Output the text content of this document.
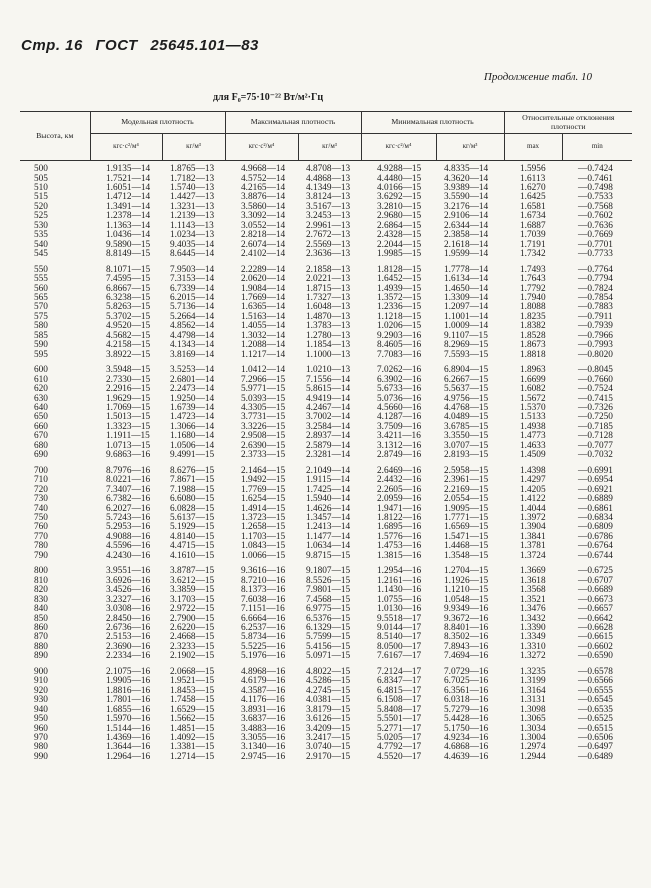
Стр. 16 ГОСТ 25645.101—83
Продолжение табл. 10
для F₀=75·10⁻²² Вт/м²·Гц
Высота, км	Модельная плотность		Максимальная плотность		Минимальная плотность		Относительные отклонения плотности	
	кгс·с²/м⁴	кг/м³	кгс·с²/м⁴	кг/м³	кгс·с²/м⁴	кг/м³	max	min
500	1.9135—14	1.8765—13	4.9668—14	4.8708—13	4.9288—15	4.8335—14	1.5956	—0.7424
505	1.7521—14	1.7182—13	4.5752—14	4.4868—13	4.4480—15	4.3620—14	1.6113	—0.7461
510	1.6051—14	1.5740—13	4.2165—14	4.1349—13	4.0166—15	3.9389—14	1.6270	—0.7498
515	1.4712—14	1.4427—13	3.8876—14	3.8124—13	3.6292—15	3.5590—14	1.6425	—0.7533
520	1.3491—14	1.3231—13	3.5860—14	3.5167—13	3.2810—15	3.2176—14	1.6581	—0.7568
525	1.2378—14	1.2139—13	3.3092—14	3.2453—13	2.9680—15	2.9106—14	1.6734	—0.7602
530	1.1363—14	1.1143—13	3.0552—14	2.9961—13	2.6864—15	2.6344—14	1.6887	—0.7636
535	1.0436—14	1.0234—13	2.8218—14	2.7672—13	2.4328—15	2.3858—14	1.7039	—0.7669
540	9.5890—15	9.4035—14	2.6074—14	2.5569—13	2.2044—15	2.1618—14	1.7191	—0.7701
545	8.8149—15	8.6445—14	2.4102—14	2.3636—13	1.9985—15	1.9599—14	1.7342	—0.7733

550	8.1071—15	7.9503—14	2.2289—14	2.1858—13	1.8128—15	1.7778—14	1.7493	—0.7764
555	7.4595—15	7.3153—14	2.0620—14	2.0221—13	1.6452—15	1.6134—14	1.7643	—0.7794
560	6.8667—15	6.7339—14	1.9084—14	1.8715—13	1.4939—15	1.4650—14	1.7792	—0.7824
565	6.3238—15	6.2015—14	1.7669—14	1.7327—13	1.3572—15	1.3309—14	1.7940	—0.7854
570	5.8263—15	5.7136—14	1.6365—14	1.6048—13	1.2336—15	1.2097—14	1.8088	—0.7883
575	5.3702—15	5.2664—14	1.5163—14	1.4870—13	1.1218—15	1.1001—14	1.8235	—0.7911
580	4.9520—15	4.8562—14	1.4055—14	1.3783—13	1.0206—15	1.0009—14	1.8382	—0.7939
585	4.5682—15	4.4798—14	1.3032—14	1.2780—13	9.2903—16	9.1107—15	1.8528	—0.7966
590	4.2158—15	4.1343—14	1.2088—14	1.1854—13	8.4605—16	8.2969—15	1.8673	—0.7993
595	3.8922—15	3.8169—14	1.1217—14	1.1000—13	7.7083—16	7.5593—15	1.8818	—0.8020

600	3.5948—15	3.5253—14	1.0412—14	1.0210—13	7.0262—16	6.8904—15	1.8963	—0.8045
610	2.7330—15	2.6801—14	7.2966—15	7.1556—14	6.3902—16	6.2667—15	1.6699	—0.7660
620	2.2916—15	2.2473—14	5.9771—15	5.8615—14	5.6733—16	5.5637—15	1.6082	—0.7524
630	1.9629—15	1.9250—14	5.0393—15	4.9419—14	5.0736—16	4.9756—15	1.5672	—0.7415
640	1.7069—15	1.6739—14	4.3305—15	4.2467—14	4.5660—16	4.4768—15	1.5370	—0.7326
650	1.5013—15	1.4723—14	3.7731—15	3.7002—14	4.1287—16	4.0489—15	1.5133	—0.7250
660	1.3323—15	1.3066—14	3.3226—15	3.2584—14	3.7509—16	3.6785—15	1.4938	—0.7185
670	1.1911—15	1.1680—14	2.9508—15	2.8937—14	3.4211—16	3.3550—15	1.4773	—0.7128
680	1.0713—15	1.0506—14	2.6390—15	2.5879—14	3.1312—16	3.0707—15	1.4633	—0.7077
690	9.6863—16	9.4991—15	2.3733—15	2.3281—14	2.8749—16	2.8193—15	1.4509	—0.7032

700	8.7976—16	8.6276—15	2.1464—15	2.1049—14	2.6469—16	2.5958—15	1.4398	—0.6991
710	8.0221—16	7.8671—15	1.9492—15	1.9115—14	2.4432—16	2.3961—15	1.4297	—0.6954
720	7.3407—16	7.1988—15	1.7769—15	1.7425—14	2.2605—16	2.2169—15	1.4205	—0.6921
730	6.7382—16	6.6080—15	1.6254—15	1.5940—14	2.0959—16	2.0554—15	1.4122	—0.6889
740	6.2027—16	6.0828—15	1.4914—15	1.4626—14	1.9471—16	1.9095—15	1.4044	—0.6861
750	5.7243—16	5.6137—15	1.3723—15	1.3457—14	1.8122—16	1.7771—15	1.3972	—0.6834
760	5.2953—16	5.1929—15	1.2658—15	1.2413—14	1.6895—16	1.6569—15	1.3904	—0.6809
770	4.9088—16	4.8140—15	1.1703—15	1.1477—14	1.5776—16	1.5471—15	1.3841	—0.6786
780	4.5596—16	4.4715—15	1.0843—15	1.0634—14	1.4753—16	1.4468—15	1.3781	—0.6764
790	4.2430—16	4.1610—15	1.0066—15	9.8715—15	1.3815—16	1.3548—15	1.3724	—0.6744

800	3.9551—16	3.8787—15	9.3616—16	9.1807—15	1.2954—16	1.2704—15	1.3669	—0.6725
810	3.6926—16	3.6212—15	8.7210—16	8.5526—15	1.2161—16	1.1926—15	1.3618	—0.6707
820	3.4526—16	3.3859—15	8.1373—16	7.9801—15	1.1430—16	1.1210—15	1.3568	—0.6689
830	3.2327—16	3.1703—15	7.6038—16	7.4568—15	1.0755—16	1.0548—15	1.3521	—0.6673
840	3.0308—16	2.9722—15	7.1151—16	6.9775—15	1.0130—16	9.9349—16	1.3476	—0.6657
850	2.8450—16	2.7900—15	6.6664—16	6.5376—15	9.5518—17	9.3672—16	1.3432	—0.6642
860	2.6736—16	2.6220—15	6.2537—16	6.1329—15	9.0144—17	8.8401—16	1.3390	—0.6628
870	2.5153—16	2.4668—15	5.8734—16	5.7599—15	8.5140—17	8.3502—16	1.3349	—0.6615
880	2.3690—16	2.3233—15	5.5225—16	5.4156—15	8.0500—17	7.8943—16	1.3310	—0.6602
890	2.2334—16	2.1902—15	5.1976—16	5.0971—15	7.6167—17	7.4694—16	1.3272	—0.6590

900	2.1075—16	2.0668—15	4.8968—16	4.8022—15	7.2124—17	7.0729—16	1.3235	—0.6578
910	1.9905—16	1.9521—15	4.6179—16	4.5286—15	6.8347—17	6.7025—16	1.3199	—0.6566
920	1.8816—16	1.8453—15	4.3587—16	4.2745—15	6.4815—17	6.3561—16	1.3164	—0.6555
930	1.7801—16	1.7458—15	4.1176—16	4.0381—15	6.1508—17	6.0318—16	1.3131	—0.6545
940	1.6855—16	1.6529—15	3.8931—16	3.8179—15	5.8408—17	5.7279—16	1.3098	—0.6535
950	1.5970—16	1.5662—15	3.6837—16	3.6126—15	5.5501—17	5.4428—16	1.3065	—0.6525
960	1.5144—16	1.4851—15	3.4883—16	3.4209—15	5.2771—17	5.1750—16	1.3034	—0.6515
970	1.4369—16	1.4092—15	3.3055—16	3.2417—15	5.0205—17	4.9234—16	1.3004	—0.6506
980	1.3644—16	1.3381—15	3.1340—16	3.0740—15	4.7792—17	4.6868—16	1.2974	—0.6497
990	1.2964—16	1.2714—15	2.9745—16	2.9170—15	4.5520—17	4.4639—16	1.2944	—0.6489
